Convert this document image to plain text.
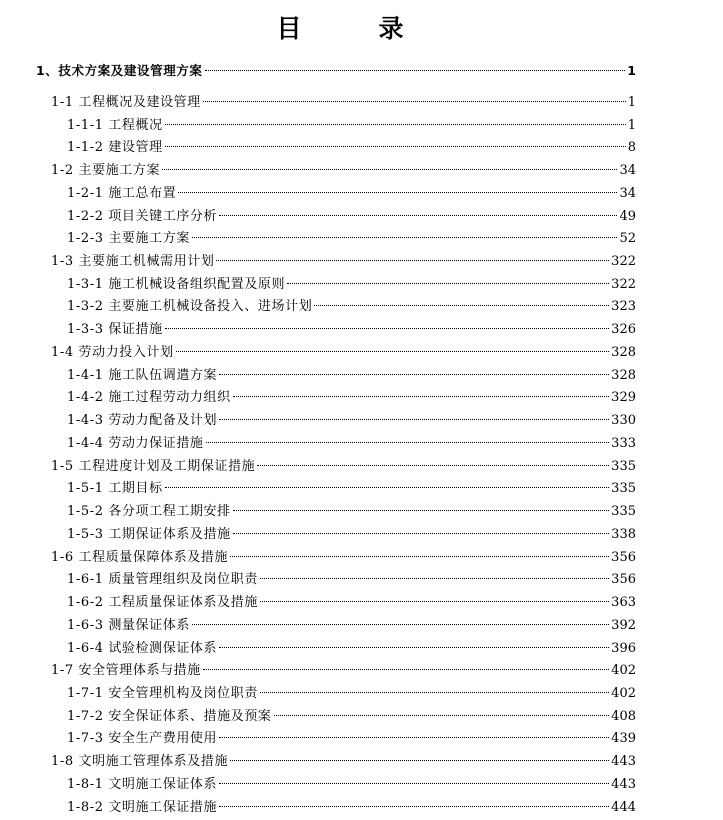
目　录
1、技术方案及建设管理方案	1
1-1 工程概况及建设管理	1
1-1-1 工程概况	1
1-1-2 建设管理	8
1-2 主要施工方案	34
1-2-1 施工总布置	34
1-2-2 项目关键工序分析	49
1-2-3 主要施工方案	52
1-3 主要施工机械需用计划	322
1-3-1 施工机械设备组织配置及原则	322
1-3-2 主要施工机械设备投入、进场计划	323
1-3-3 保证措施	326
1-4 劳动力投入计划	328
1-4-1 施工队伍调遣方案	328
1-4-2 施工过程劳动力组织	329
1-4-3 劳动力配备及计划	330
1-4-4 劳动力保证措施	333
1-5 工程进度计划及工期保证措施	335
1-5-1 工期目标	335
1-5-2 各分项工程工期安排	335
1-5-3 工期保证体系及措施	338
1-6 工程质量保障体系及措施	356
1-6-1 质量管理组织及岗位职责	356
1-6-2 工程质量保证体系及措施	363
1-6-3 测量保证体系	392
1-6-4 试验检测保证体系	396
1-7 安全管理体系与措施	402
1-7-1 安全管理机构及岗位职责	402
1-7-2 安全保证体系、措施及预案	408
1-7-3 安全生产费用使用	439
1-8 文明施工管理体系及措施	443
1-8-1 文明施工保证体系	443
1-8-2 文明施工保证措施	444
